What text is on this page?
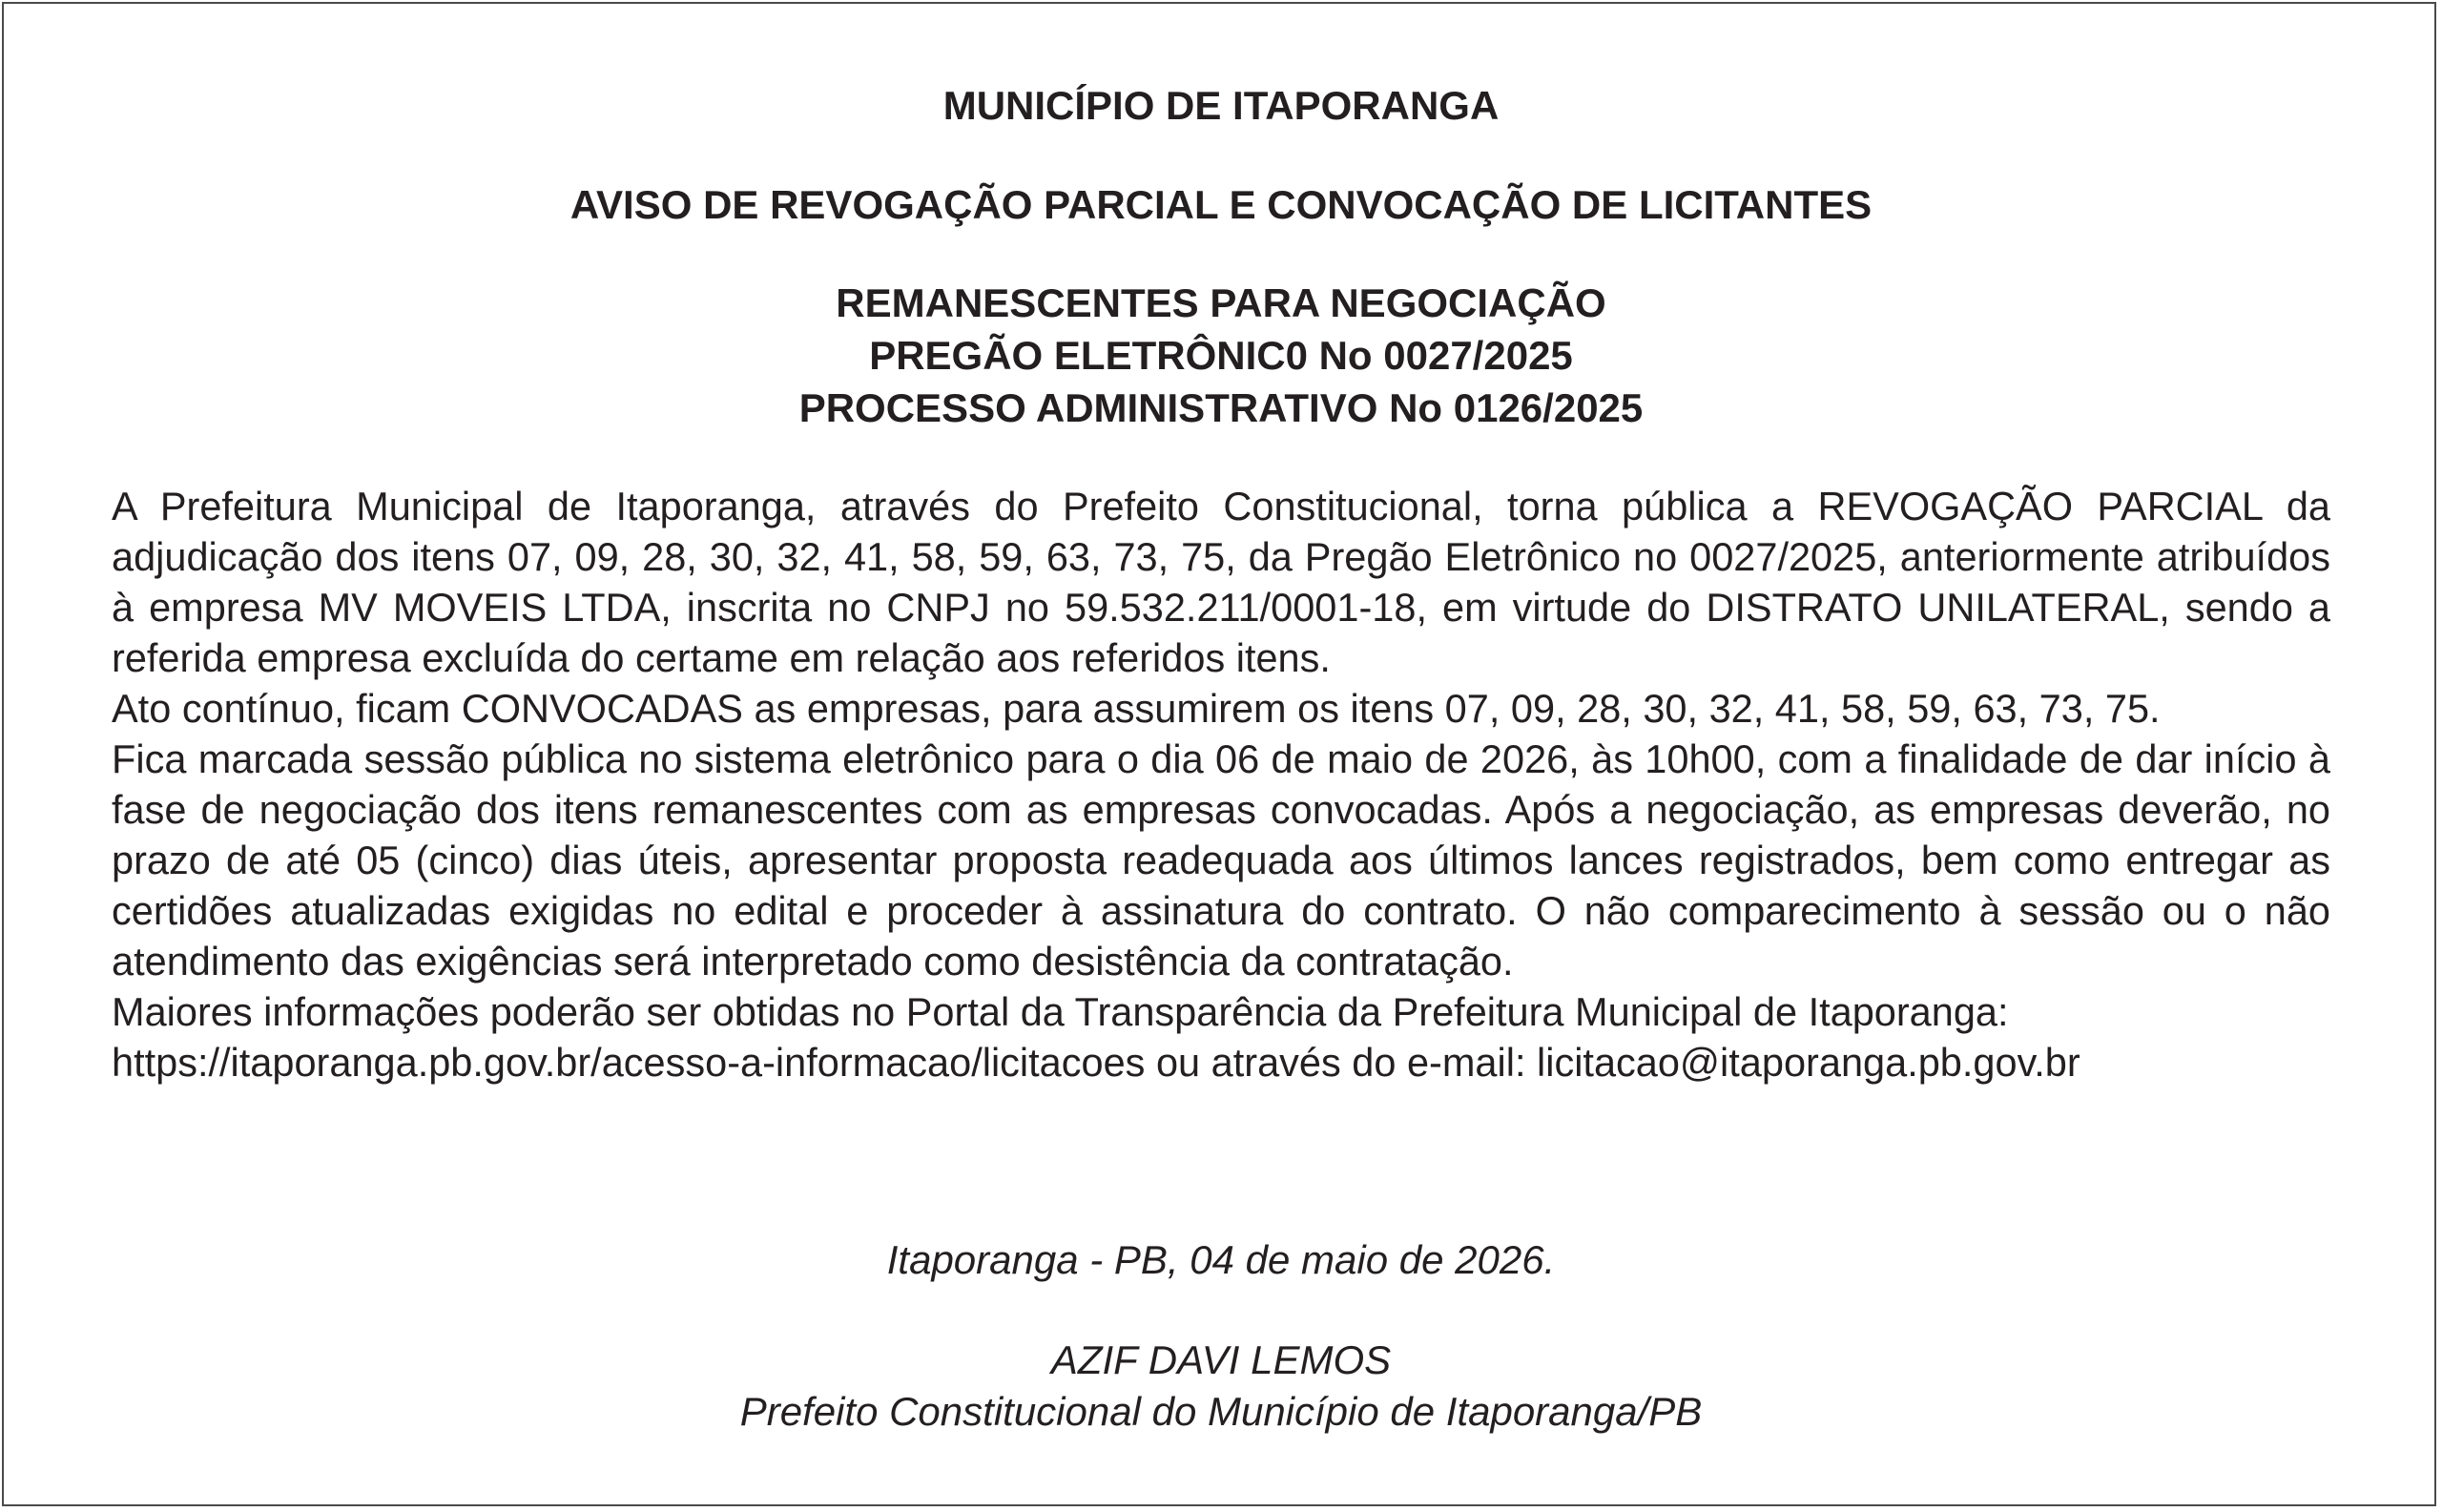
MUNICÍPIO DE ITAPORANGA
AVISO DE REVOGAÇÃO PARCIAL E CONVOCAÇÃO DE LICITANTES
REMANESCENTES PARA NEGOCIAÇÃO
PREGÃO ELETRÔNIC0 No 0027/2025
PROCESSO ADMINISTRATIVO No 0126/2025

A Prefeitura Municipal de Itaporanga, através do Prefeito Constitucional, torna pública a REVOGAÇÃO PARCIAL da adjudicação dos itens 07, 09, 28, 30, 32, 41, 58, 59, 63, 73, 75, da Pregão Eletrônico no 0027/2025, anteriormente atribuídos à empresa MV MOVEIS LTDA, inscrita no CNPJ no 59.532.211/0001-18, em virtude do DISTRATO UNILATERAL, sendo a referida empresa excluída do certame em relação aos referidos itens.

Ato contínuo, ficam CONVOCADAS as empresas, para assumirem os itens 07, 09, 28, 30, 32, 41, 58, 59, 63, 73, 75.

Fica marcada sessão pública no sistema eletrônico para o dia 06 de maio de 2026, às 10h00, com a finalidade de dar início à fase de negociação dos itens remanescentes com as empresas convocadas. Após a negociação, as empresas deverão, no prazo de até 05 (cinco) dias úteis, apresentar proposta readequada aos últimos lances registrados, bem como entregar as certidões atualizadas exigidas no edital e proceder à assinatura do contrato. O não comparecimento à sessão ou o não atendimento das exigências será interpretado como desistência da contratação.

Maiores informações poderão ser obtidas no Portal da Transparência da Prefeitura Municipal de Itaporanga:

https://itaporanga.pb.gov.br/acesso-a-informacao/licitacoes ou através do e-mail: licitacao@itaporanga.pb.gov.br

Itaporanga - PB, 04 de maio de 2026.
AZIF DAVI LEMOS
Prefeito Constitucional do Município de Itaporanga/PB
